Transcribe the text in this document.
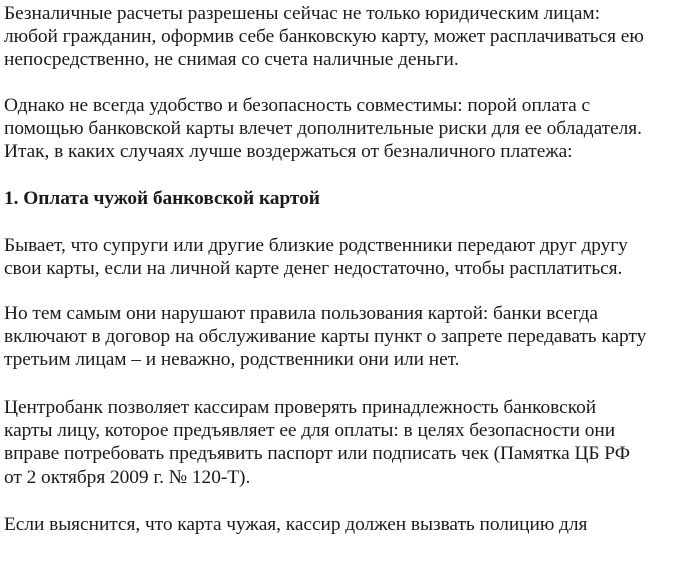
Безналичные расчеты разрешены сейчас не только юридическим лицам:
любой гражданин, оформив себе банковскую карту, может расплачиваться ею
непосредственно, не снимая со счета наличные деньги.

Однако не всегда удобство и безопасность совместимы: порой оплата с
помощью банковской карты влечет дополнительные риски для ее обладателя.
Итак, в каких случаях лучше воздержаться от безналичного платежа:

1. Оплата чужой банковской картой

Бывает, что супруги или другие близкие родственники передают друг другу
свои карты, если на личной карте денег недостаточно, чтобы расплатиться.

Но тем самым они нарушают правила пользования картой: банки всегда
включают в договор на обслуживание карты пункт о запрете передавать карту
третьим лицам – и неважно, родственники они или нет.

Центробанк позволяет кассирам проверять принадлежность банковской
карты лицу, которое предъявляет ее для оплаты: в целях безопасности они
вправе потребовать предъявить паспорт или подписать чек (Памятка ЦБ РФ
от 2 октября 2009 г. № 120-Т).

Если выяснится, что карта чужая, кассир должен вызвать полицию для
